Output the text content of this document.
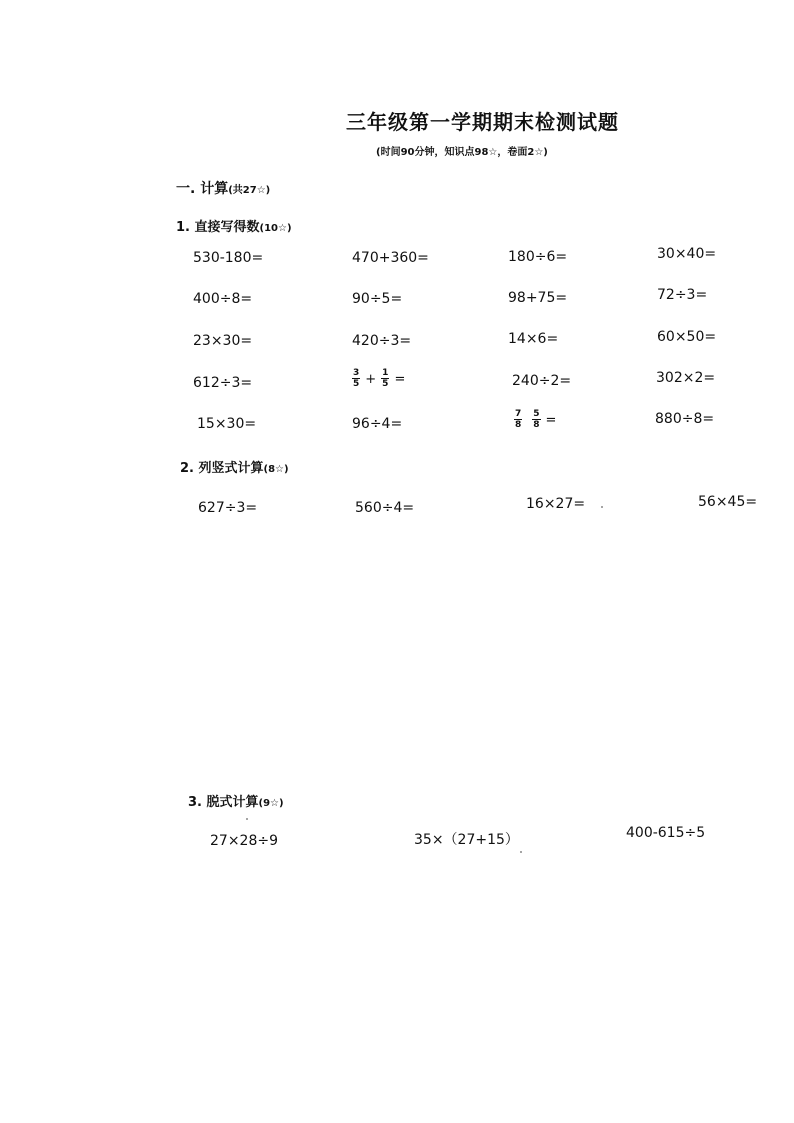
三年级第一学期期末检测试题
(时间90分钟，知识点98☆，卷面2☆)
一. 计算(共27☆)
1. 直接写得数(10☆)
530-180=	470+360=	180÷6=	30×40=
400÷8=	90÷5=	98+75=	72÷3=
23×30=	420÷3=	14×6=	60×50=
612÷3=	$\frac{3}{5} + \frac{1}{5}$ =	240÷2=	302×2=
15×30=	96÷4=	$\frac{7}{8} \frac{5}{8}$ =	880÷8=
2. 列竖式计算(8☆)
627÷3=	560÷4=	16×27=	56×45=
3. 脱式计算(9☆)
27×28÷9	35×（27+15）	400-615÷5
